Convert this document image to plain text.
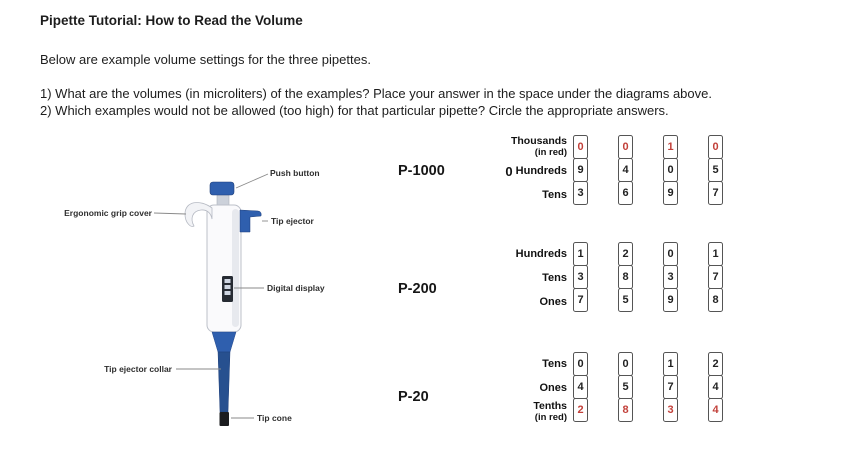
Pipette Tutorial: How to Read the Volume
Below are example volume settings for the three pipettes.
1) What are the volumes (in microliters) of the examples? Place your answer in the space under the diagrams above.
2) Which examples would not be allowed (too high) for that particular pipette? Circle the appropriate answers.
Push button
Ergonomic grip cover
Tip ejector
Digital display
Tip ejector collar
Tip cone
P-1000
Thousands
(in red)
0 Hundreds
Tens
0
9
3
0
4
6
1
0
9
0
5
7
P-200
Hundreds
Tens
Ones
1
3
7
2
8
5
0
3
9
1
7
8
P-20
Tens
Ones
Tenths
(in red)
0
4
2
0
5
8
1
7
3
2
4
4
